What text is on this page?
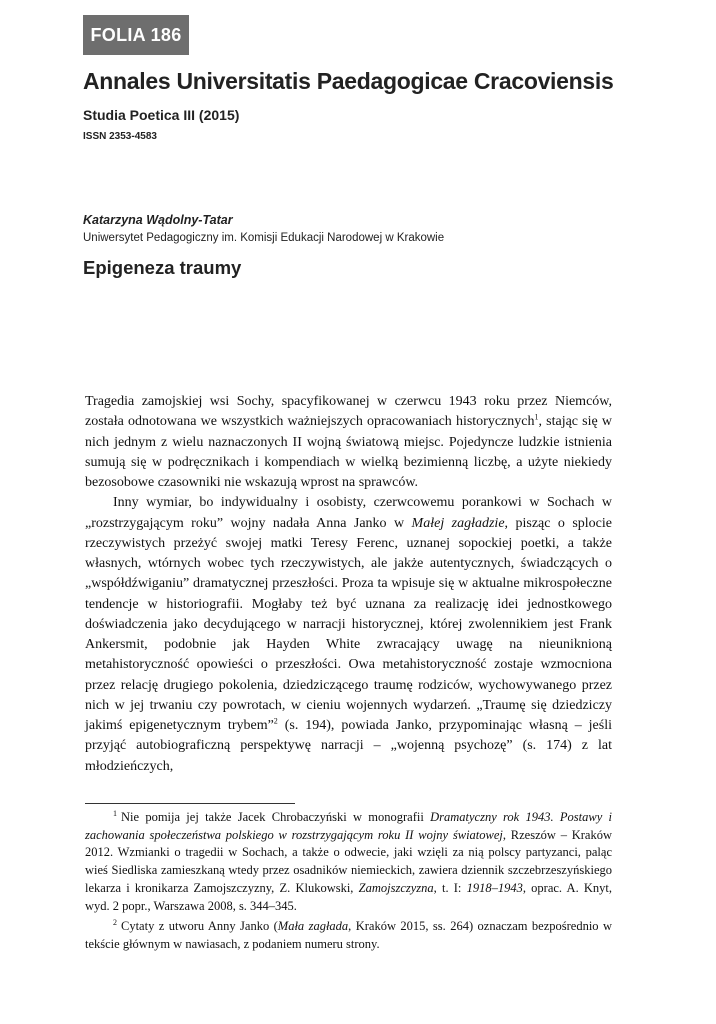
FOLIA 186
Annales Universitatis Paedagogicae Cracoviensis

Studia Poetica III (2015)

ISSN 2353-4583

Katarzyna Wądolny-Tatar

Uniwersytet Pedagogiczny im. Komisji Edukacji Narodowej w Krakowie

Epigeneza traumy

Tragedia zamojskiej wsi Sochy, spacyfikowanej w czerwcu 1943 roku przez Niemców, została odnotowana we wszystkich ważniejszych opracowaniach historycznych$^1$, stając się w nich jednym z wielu naznaczonych II wojną światową miejsc. Pojedyncze ludzkie istnienia sumują się w podręcznikach i kompendiach w wielką bezimienną liczbę, a użyte niekiedy bezosobowe czasowniki nie wskazują wprost na sprawców.

Inny wymiar, bo indywidualny i osobisty, czerwcowemu porankowi w Sochach w „rozstrzygającym roku” wojny nadała Anna Janko w Małej zagładzie, pisząc o splocie rzeczywistych przeżyć swojej matki Teresy Ferenc, uznanej sopockiej poetki, a także własnych, wtórnych wobec tych rzeczywistych, ale jakże autentycznych, świadczących o „współdźwiganiu” dramatycznej przeszłości. Proza ta wpisuje się w aktualne mikrospołeczne tendencje w historiografii. Mogłaby też być uznana za realizację idei jednostkowego doświadczenia jako decydującego w narracji historycznej, której zwolennikiem jest Frank Ankersmit, podobnie jak Hayden White zwracający uwagę na nieuniknioną metahistoryczność opowieści o przeszłości. Owa metahistoryczność zostaje wzmocniona przez relację drugiego pokolenia, dziedziczącego traumę rodziców, wychowywanego przez nich w jej trwaniu czy powrotach, w cieniu wojennych wydarzeń. „Traumę się dziedziczy jakimś epigenetycznym trybem”$^2$ (s. 194), powiada Janko, przypominając własną – jeśli przyjąć autobiograficzną perspektywę narracji – „wojenną psychozę” (s. 174) z lat młodzieńczych,

$^1$ Nie pomija jej także Jacek Chrobaczyński w monografii Dramatyczny rok 1943. Postawy i zachowania społeczeństwa polskiego w rozstrzygającym roku II wojny światowej, Rzeszów – Kraków 2012. Wzmianki o tragedii w Sochach, a także o odwecie, jaki wzięli za nią polscy partyzanci, paląc wieś Siedliska zamieszkaną wtedy przez osadników niemieckich, zawiera dziennik szczebrzeszyńskiego lekarza i kronikarza Zamojszczyzny, Z. Klukowski, Zamojszczyzna, t. I: 1918–1943, oprac. A. Knyt, wyd. 2 popr., Warszawa 2008, s. 344–345.

$^2$ Cytaty z utworu Anny Janko (Mała zagłada, Kraków 2015, ss. 264) oznaczam bezpośrednio w tekście głównym w nawiasach, z podaniem numeru strony.
